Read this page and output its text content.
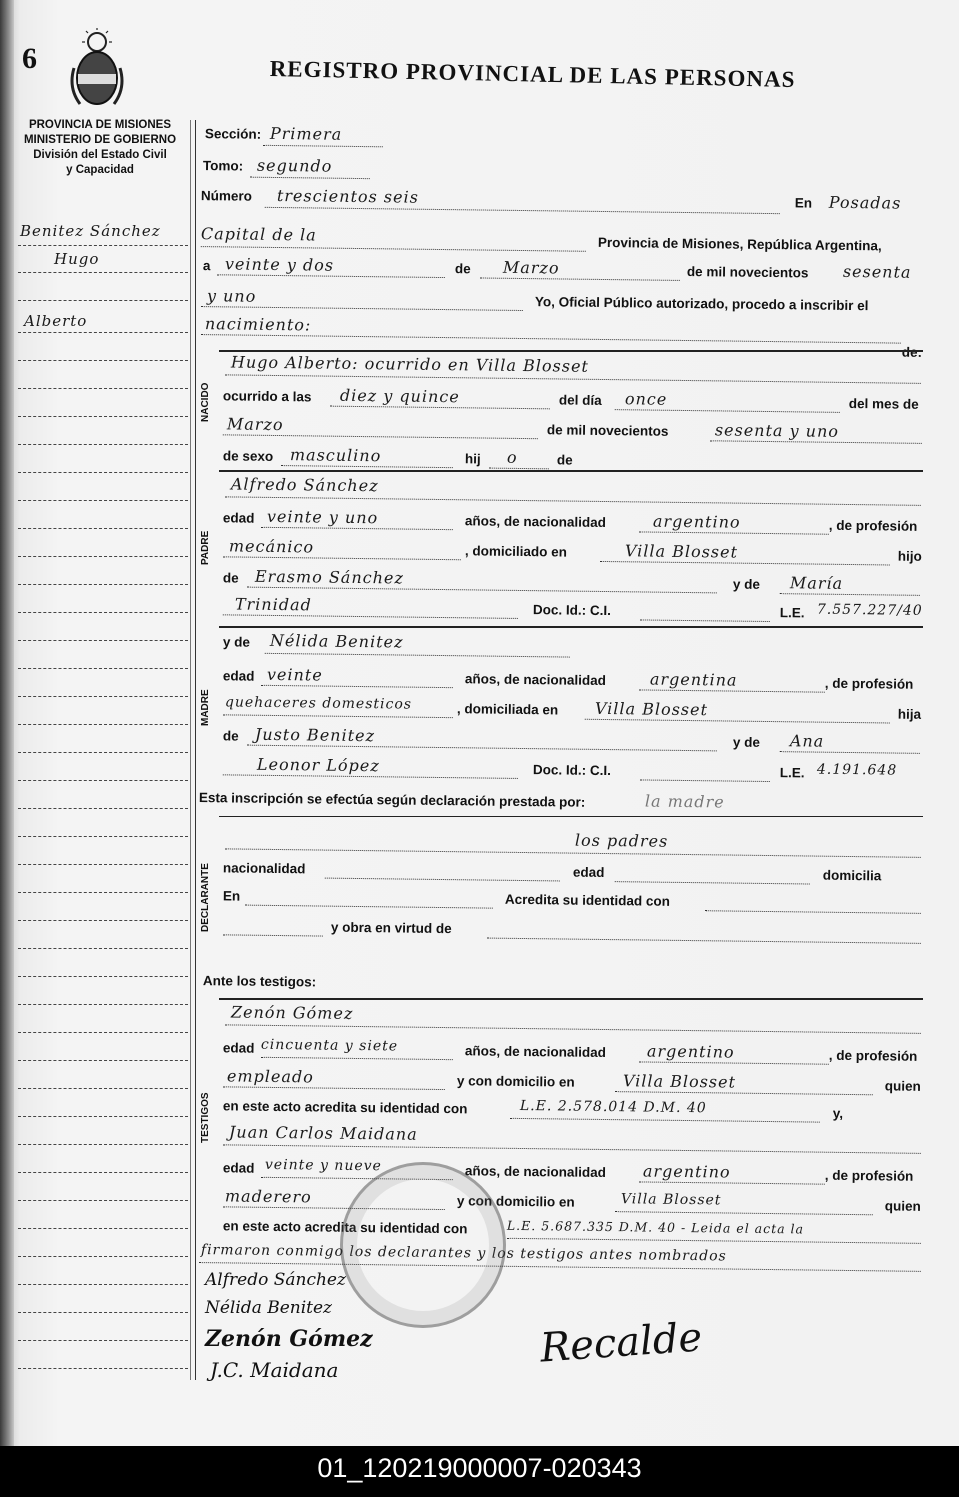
6	REGISTRO PROVINCIAL DE LAS PERSONAS
PROVINCIA DE MISIONES
MINISTERIO DE GOBIERNO
División del Estado Civil
y Capacidad
Benitez Sánchez
Hugo
Alberto
Sección: Primera
Tomo: segundo
Número trescientos seis	En Posadas
Capital de la	Provincia de Misiones, República Argentina,
a veinte y dos	de Marzo	de mil novecientos sesenta
y uno	Yo, Oficial Público autorizado, procedo a inscribir el
nacimiento:
de:
NACIDO
Hugo Alberto: ocurrido en Villa Blosset
ocurrido a las diez y quince	del día once	del mes de
Marzo	de mil novecientos	sesenta y uno
de sexo masculino	hij o	de
PADRE
Alfredo Sánchez
edad veinte y uno	años, de nacionalidad	argentino	, de profesión
mecánico	, domiciliado en	Villa Blosset	hijo
de Erasmo Sánchez	y de María
Trinidad	Doc. Id.: C.I.	L.E. 7.557.227/40
MADRE
y de Nélida Benitez
edad veinte	años, de nacionalidad	argentina	, de profesión
quehaceres domesticos	, domiciliada en Villa Blosset	hija
de Justo Benitez	y de Ana
Leonor López	Doc. Id.: C.I.	L.E. 4.191.648
Esta inscripción se efectúa según declaración prestada por:	la madre
DECLARANTE
los padres
nacionalidad	edad	domicilia
En	Acredita su identidad con
y obra en virtud de
Ante los testigos:
TESTIGOS
Zenón Gómez
edad cincuenta y siete	años, de nacionalidad	argentino	, de profesión
empleado	y con domicilio en	Villa Blosset	quien
en este acto acredita su identidad con	L.E. 2.578.014 D.M. 40	y,
Juan Carlos Maidana
edad veinte y nueve	años, de nacionalidad argentino	, de profesión
maderero	y con domicilio en	Villa Blosset	quien
en este acto acredita su identidad con	L.E. 5.687.335 D.M. 40 - Leida el acta la
firmaron conmigo los declarantes y los testigos antes nombrados
Alfredo Sánchez
Nélida Benitez
Zenón Gómez
J.C. Maidana	Recalde
01_120219000007-020343
